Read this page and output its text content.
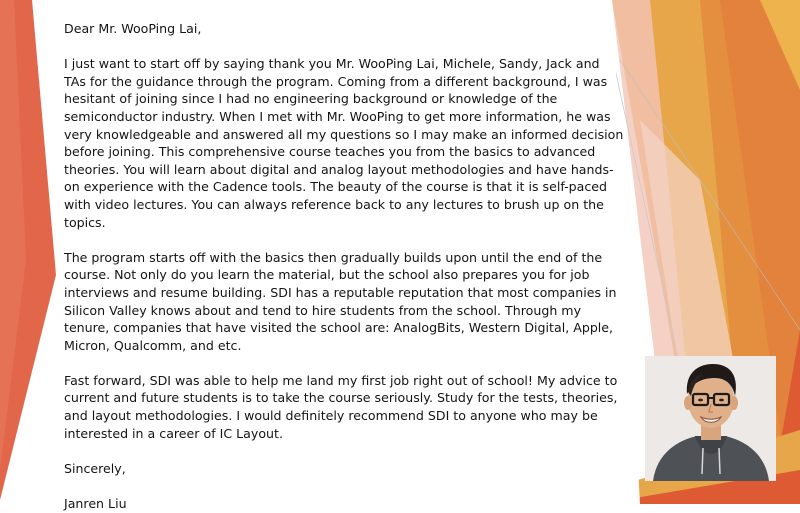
Dear Mr. WooPing Lai,

I just want to start off by saying thank you Mr. WooPing Lai, Michele, Sandy, Jack and TAs for the guidance through the program. Coming from a different background, I was hesitant of joining since I had no engineering background or knowledge of the semiconductor industry. When I met with Mr. WooPing to get more information, he was very knowledgeable and answered all my questions so I may make an informed decision before joining. This comprehensive course teaches you from the basics to advanced theories. You will learn about digital and analog layout methodologies and have hands-on experience with the Cadence tools. The beauty of the course is that it is self-paced with video lectures. You can always reference back to any lectures to brush up on the topics.

The program starts off with the basics then gradually builds upon until the end of the course. Not only do you learn the material, but the school also prepares you for job interviews and resume building. SDI has a reputable reputation that most companies in Silicon Valley knows about and tend to hire students from the school. Through my tenure, companies that have visited the school are: AnalogBits, Western Digital, Apple, Micron, Qualcomm, and etc.

Fast forward, SDI was able to help me land my first job right out of school! My advice to current and future students is to take the course seriously. Study for the tests, theories, and layout methodologies. I would definitely recommend SDI to anyone who may be interested in a career of IC Layout.

Sincerely,

Janren Liu
